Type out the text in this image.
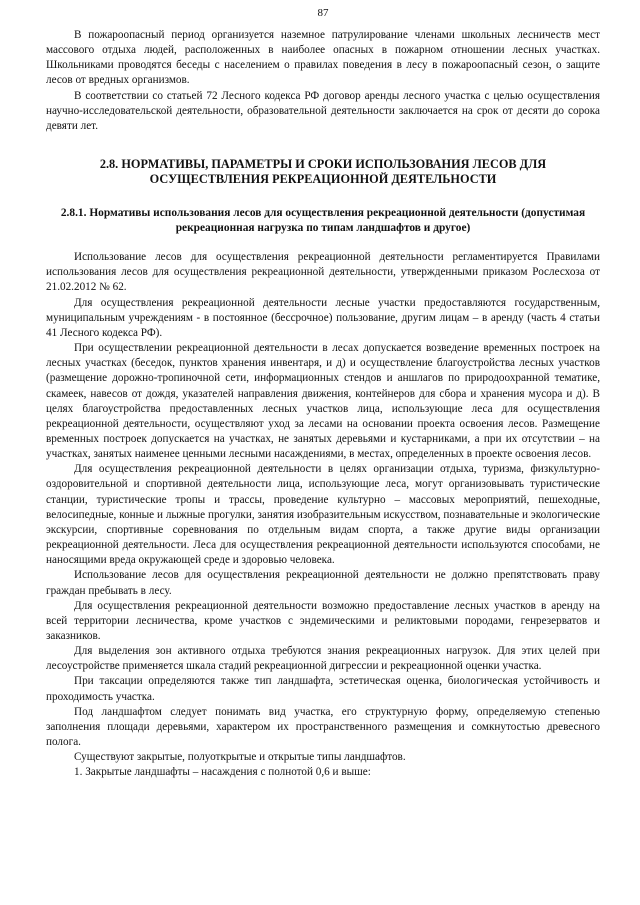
87

В пожароопасный период организуется наземное патрулирование членами школьных лесничеств мест массового отдыха людей, расположенных в наиболее опасных в пожарном отношении лесных участках. Школьниками проводятся беседы с населением о правилах поведения в лесу в пожароопасный сезон, о защите лесов от вредных организмов.

В соответствии со статьей 72 Лесного кодекса РФ договор аренды лесного участка с целью осуществления научно-исследовательской деятельности, образовательной деятельности заключается на срок от десяти до сорока девяти лет.

2.8. НОРМАТИВЫ, ПАРАМЕТРЫ И СРОКИ ИСПОЛЬЗОВАНИЯ ЛЕСОВ ДЛЯ ОСУЩЕСТВЛЕНИЯ РЕКРЕАЦИОННОЙ ДЕЯТЕЛЬНОСТИ
2.8.1. Нормативы использования лесов для осуществления рекреационной деятельности (допустимая рекреационная нагрузка по типам ландшафтов и другое)

Использование лесов для осуществления рекреационной деятельности регламентируется Правилами использования лесов для осуществления рекреационной деятельности, утвержденными приказом Рослесхоза от 21.02.2012 № 62.

Для осуществления рекреационной деятельности лесные участки предоставляются государственным, муниципальным учреждениям - в постоянное (бессрочное) пользование, другим лицам – в аренду (часть 4 статьи 41 Лесного кодекса РФ).

При осуществлении рекреационной деятельности в лесах допускается возведение временных построек на лесных участках (беседок, пунктов хранения инвентаря, и д) и осуществление благоустройства лесных участков (размещение дорожно-тропиночной сети, информационных стендов и аншлагов по природоохранной тематике, скамеек, навесов от дождя, указателей направления движения, контейнеров для сбора и хранения мусора и д). В целях благоустройства предоставленных лесных участков лица, использующие леса для осуществления рекреационной деятельности, осуществляют уход за лесами на основании проекта освоения лесов. Размещение временных построек допускается на участках, не занятых деревьями и кустарниками, а при их отсутствии – на участках, занятых наименее ценными лесными насаждениями, в местах, определенных в проекте освоения лесов.

Для осуществления рекреационной деятельности в целях организации отдыха, туризма, физкультурно-оздоровительной и спортивной деятельности лица, использующие леса, могут организовывать туристические станции, туристические тропы и трассы, проведение культурно – массовых мероприятий, пешеходные, велосипедные, конные и лыжные прогулки, занятия изобразительным искусством, познавательные и экологические экскурсии, спортивные соревнования по отдельным видам спорта, а также другие виды организации рекреационной деятельности. Леса для осуществления рекреационной деятельности используются способами, не наносящими вреда окружающей среде и здоровью человека.

Использование лесов для осуществления рекреационной деятельности не должно препятствовать праву граждан пребывать в лесу.

Для осуществления рекреационной деятельности возможно предоставление лесных участков в аренду на всей территории лесничества, кроме участков с эндемическими и реликтовыми породами, генрезерватов и заказников.

Для выделения зон активного отдыха требуются знания рекреационных нагрузок. Для этих целей при лесоустройстве применяется шкала стадий рекреационной дигрессии и рекреационной оценки участка.

При таксации определяются также тип ландшафта, эстетическая оценка, биологическая устойчивость и проходимость участка.

Под ландшафтом следует понимать вид участка, его структурную форму, определяемую степенью заполнения площади деревьями, характером их пространственного размещения и сомкнутостью древесного полога.

Существуют закрытые, полуоткрытые и открытые типы ландшафтов.

1. Закрытые ландшафты – насаждения с полнотой 0,6 и выше:
